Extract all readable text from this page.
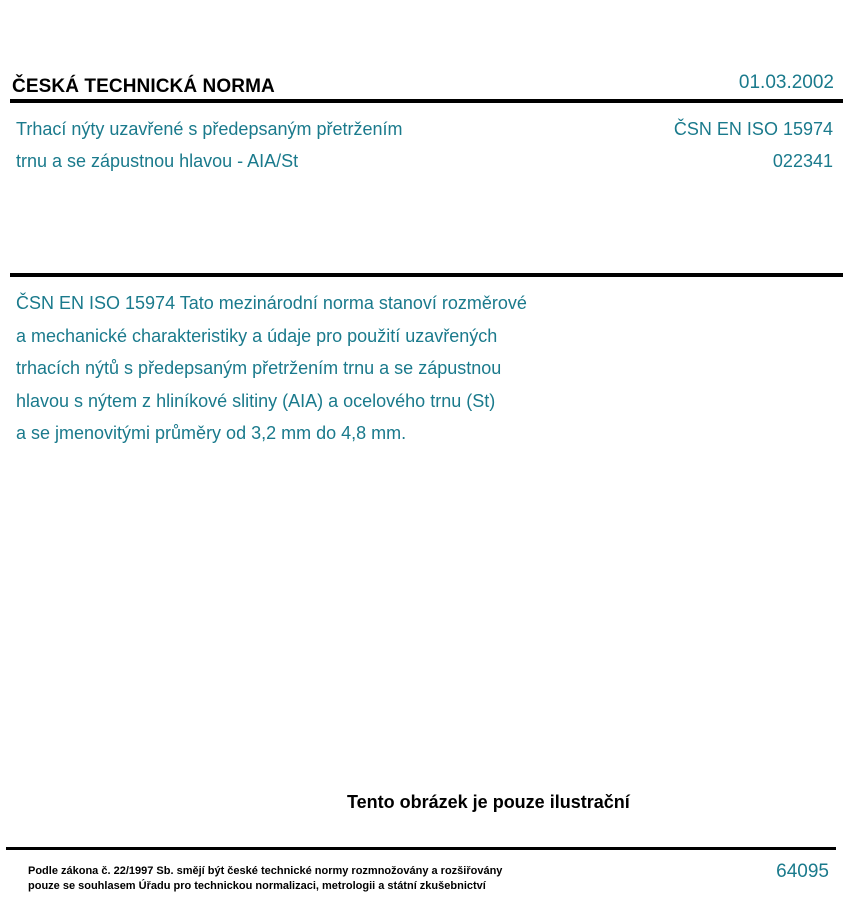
ČESKÁ TECHNICKÁ NORMA	01.03.2002
Trhací nýty uzavřené s předepsaným přetržením
trnu a se zápustnou hlavou - AIA/St
ČSN EN ISO 15974
022341
ČSN EN ISO 15974 Tato mezinárodní norma stanoví rozměrové
a mechanické charakteristiky a údaje pro použití uzavřených
trhacích nýtů s předepsaným přetržením trnu a se zápustnou
hlavou s nýtem z hliníkové slitiny (AIA) a ocelového trnu (St)
a se jmenovitými průměry od 3,2 mm do 4,8 mm.
Tento obrázek je pouze ilustrační
Podle zákona č. 22/1997 Sb. smějí být české technické normy rozmnožovány a rozšiřovány
pouze se souhlasem Úřadu pro technickou normalizaci, metrologii a státní zkušebnictví
64095
